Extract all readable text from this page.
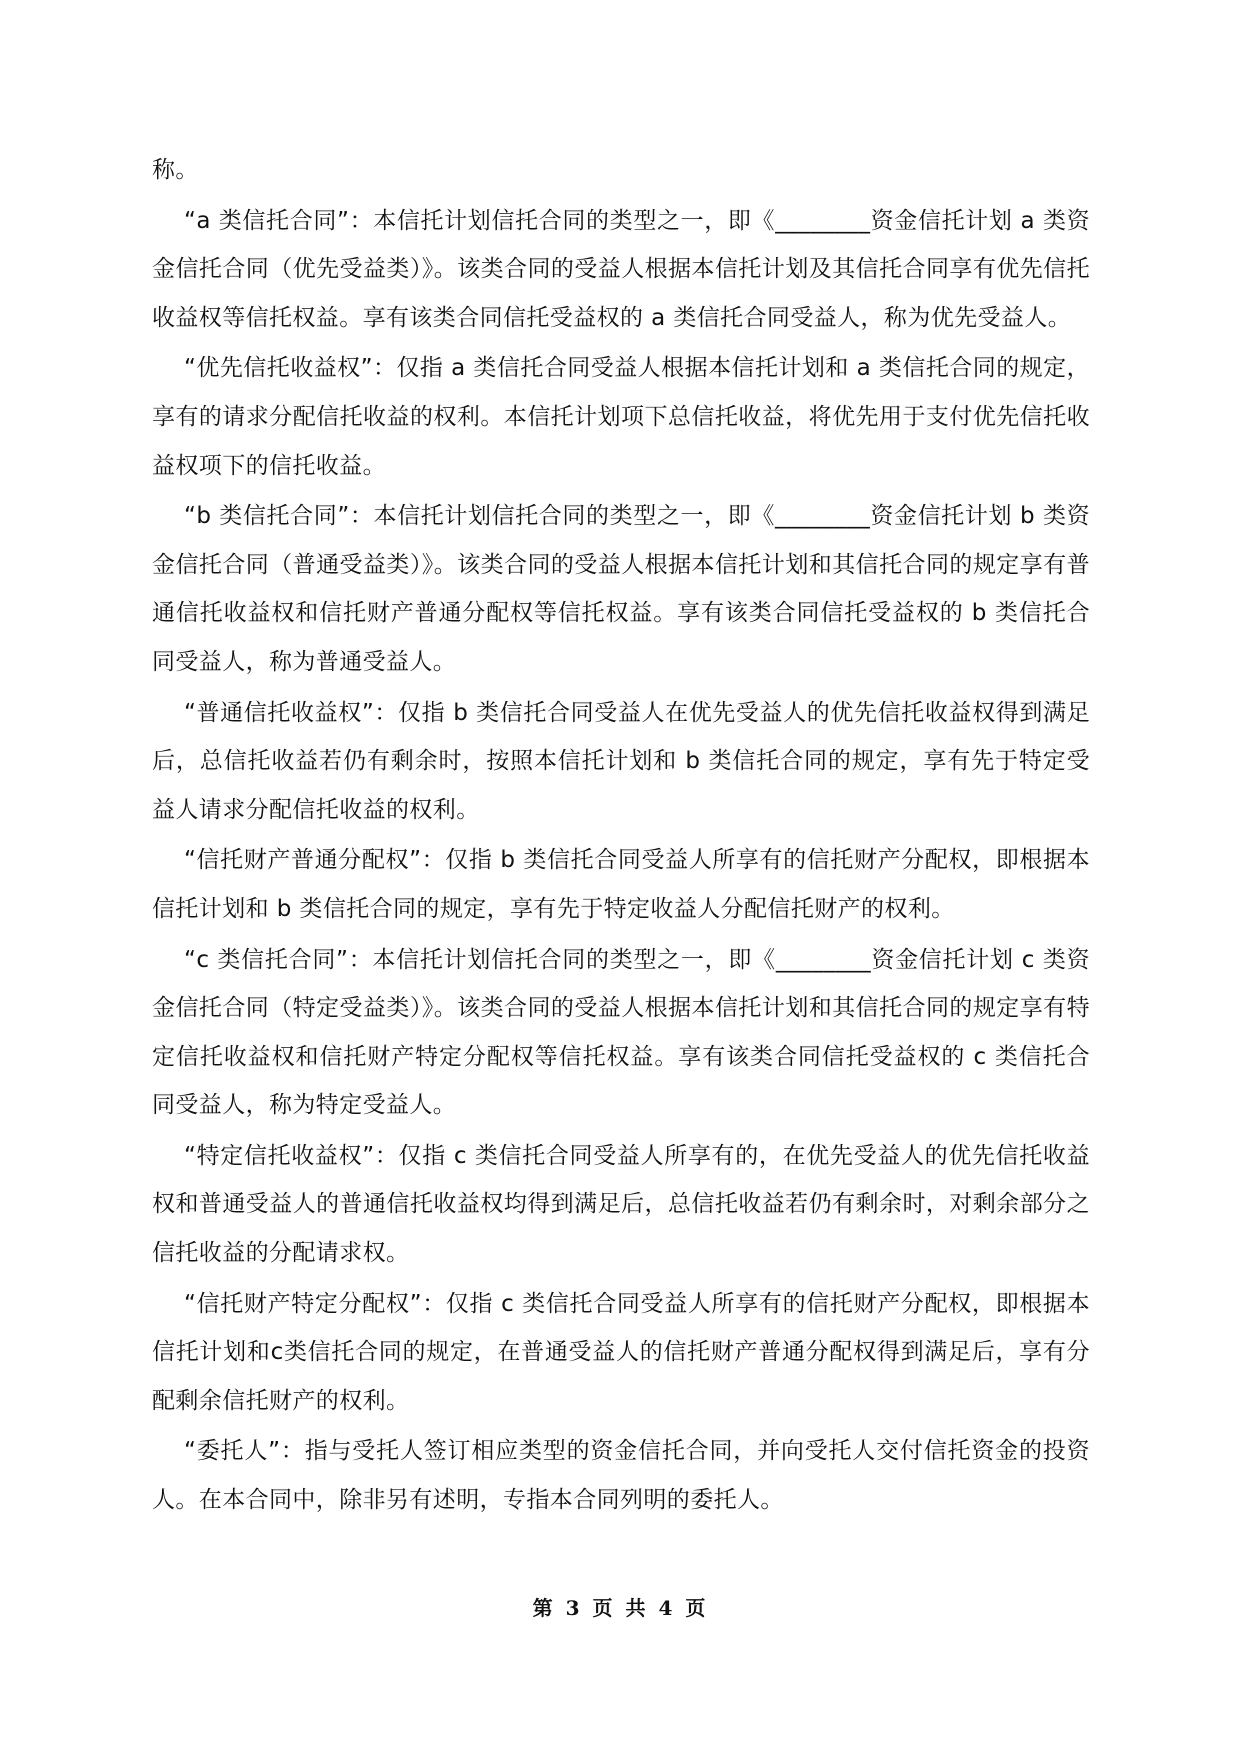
称。

“a 类信托合同”：本信托计划信托合同的类型之一，即《________资金信托计划 a 类资金信托合同（优先受益类）》。该类合同的受益人根据本信托计划及其信托合同享有优先信托收益权等信托权益。享有该类合同信托受益权的 a 类信托合同受益人，称为优先受益人。

“优先信托收益权”：仅指 a 类信托合同受益人根据本信托计划和 a 类信托合同的规定，享有的请求分配信托收益的权利。本信托计划项下总信托收益，将优先用于支付优先信托收益权项下的信托收益。

“b 类信托合同”：本信托计划信托合同的类型之一，即《________资金信托计划 b 类资金信托合同（普通受益类）》。该类合同的受益人根据本信托计划和其信托合同的规定享有普通信托收益权和信托财产普通分配权等信托权益。享有该类合同信托受益权的 b 类信托合同受益人，称为普通受益人。

“普通信托收益权”：仅指 b 类信托合同受益人在优先受益人的优先信托收益权得到满足后，总信托收益若仍有剩余时，按照本信托计划和 b 类信托合同的规定，享有先于特定受益人请求分配信托收益的权利。

“信托财产普通分配权”：仅指 b 类信托合同受益人所享有的信托财产分配权，即根据本信托计划和 b 类信托合同的规定，享有先于特定收益人分配信托财产的权利。

“c 类信托合同”：本信托计划信托合同的类型之一，即《________资金信托计划 c 类资金信托合同（特定受益类）》。该类合同的受益人根据本信托计划和其信托合同的规定享有特定信托收益权和信托财产特定分配权等信托权益。享有该类合同信托受益权的 c 类信托合同受益人，称为特定受益人。

“特定信托收益权”：仅指 c 类信托合同受益人所享有的，在优先受益人的优先信托收益权和普通受益人的普通信托收益权均得到满足后，总信托收益若仍有剩余时，对剩余部分之信托收益的分配请求权。

“信托财产特定分配权”：仅指 c 类信托合同受益人所享有的信托财产分配权，即根据本信托计划和c类信托合同的规定，在普通受益人的信托财产普通分配权得到满足后，享有分配剩余信托财产的权利。

“委托人”：指与受托人签订相应类型的资金信托合同，并向受托人交付信托资金的投资人。在本合同中，除非另有述明，专指本合同列明的委托人。

第 3 页 共 4 页
